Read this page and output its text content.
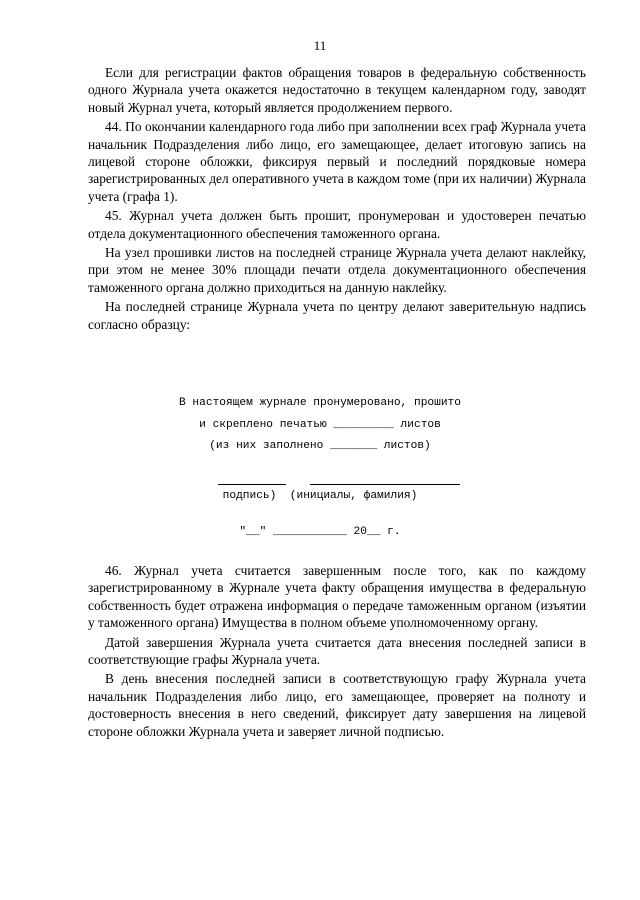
11

Если для регистрации фактов обращения товаров в федеральную собственность одного Журнала учета окажется недостаточно в текущем календарном году, заводят новый Журнал учета, который является продолжением первого.

44. По окончании календарного года либо при заполнении всех граф Журнала учета начальник Подразделения либо лицо, его замещающее, делает итоговую запись на лицевой стороне обложки, фиксируя первый и последний порядковые номера зарегистрированных дел оперативного учета в каждом томе (при их наличии) Журнала учета (графа 1).

45. Журнал учета должен быть прошит, пронумерован и удостоверен печатью отдела документационного обеспечения таможенного органа.

На узел прошивки листов на последней странице Журнала учета делают наклейку, при этом не менее 30% площади печати отдела документационного обеспечения таможенного органа должно приходиться на данную наклейку.

На последней странице Журнала учета по центру делают заверительную надпись согласно образцу:

В настоящем журнале пронумеровано, прошито
и скреплено печатью _________ листов
(из них заполнено _______ листов)
подпись)  (инициалы, фамилия)
"__" ___________ 20__ г.

46. Журнал учета считается завершенным после того, как по каждому зарегистрированному в Журнале учета факту обращения имущества в федеральную собственность будет отражена информация о передаче таможенным органом (изъятии у таможенного органа) Имущества в полном объеме уполномоченному органу.

Датой завершения Журнала учета считается дата внесения последней записи в соответствующие графы Журнала учета.

В день внесения последней записи в соответствующую графу Журнала учета начальник Подразделения либо лицо, его замещающее, проверяет на полноту и достоверность внесения в него сведений, фиксирует дату завершения на лицевой стороне обложки Журнала учета и заверяет личной подписью.
